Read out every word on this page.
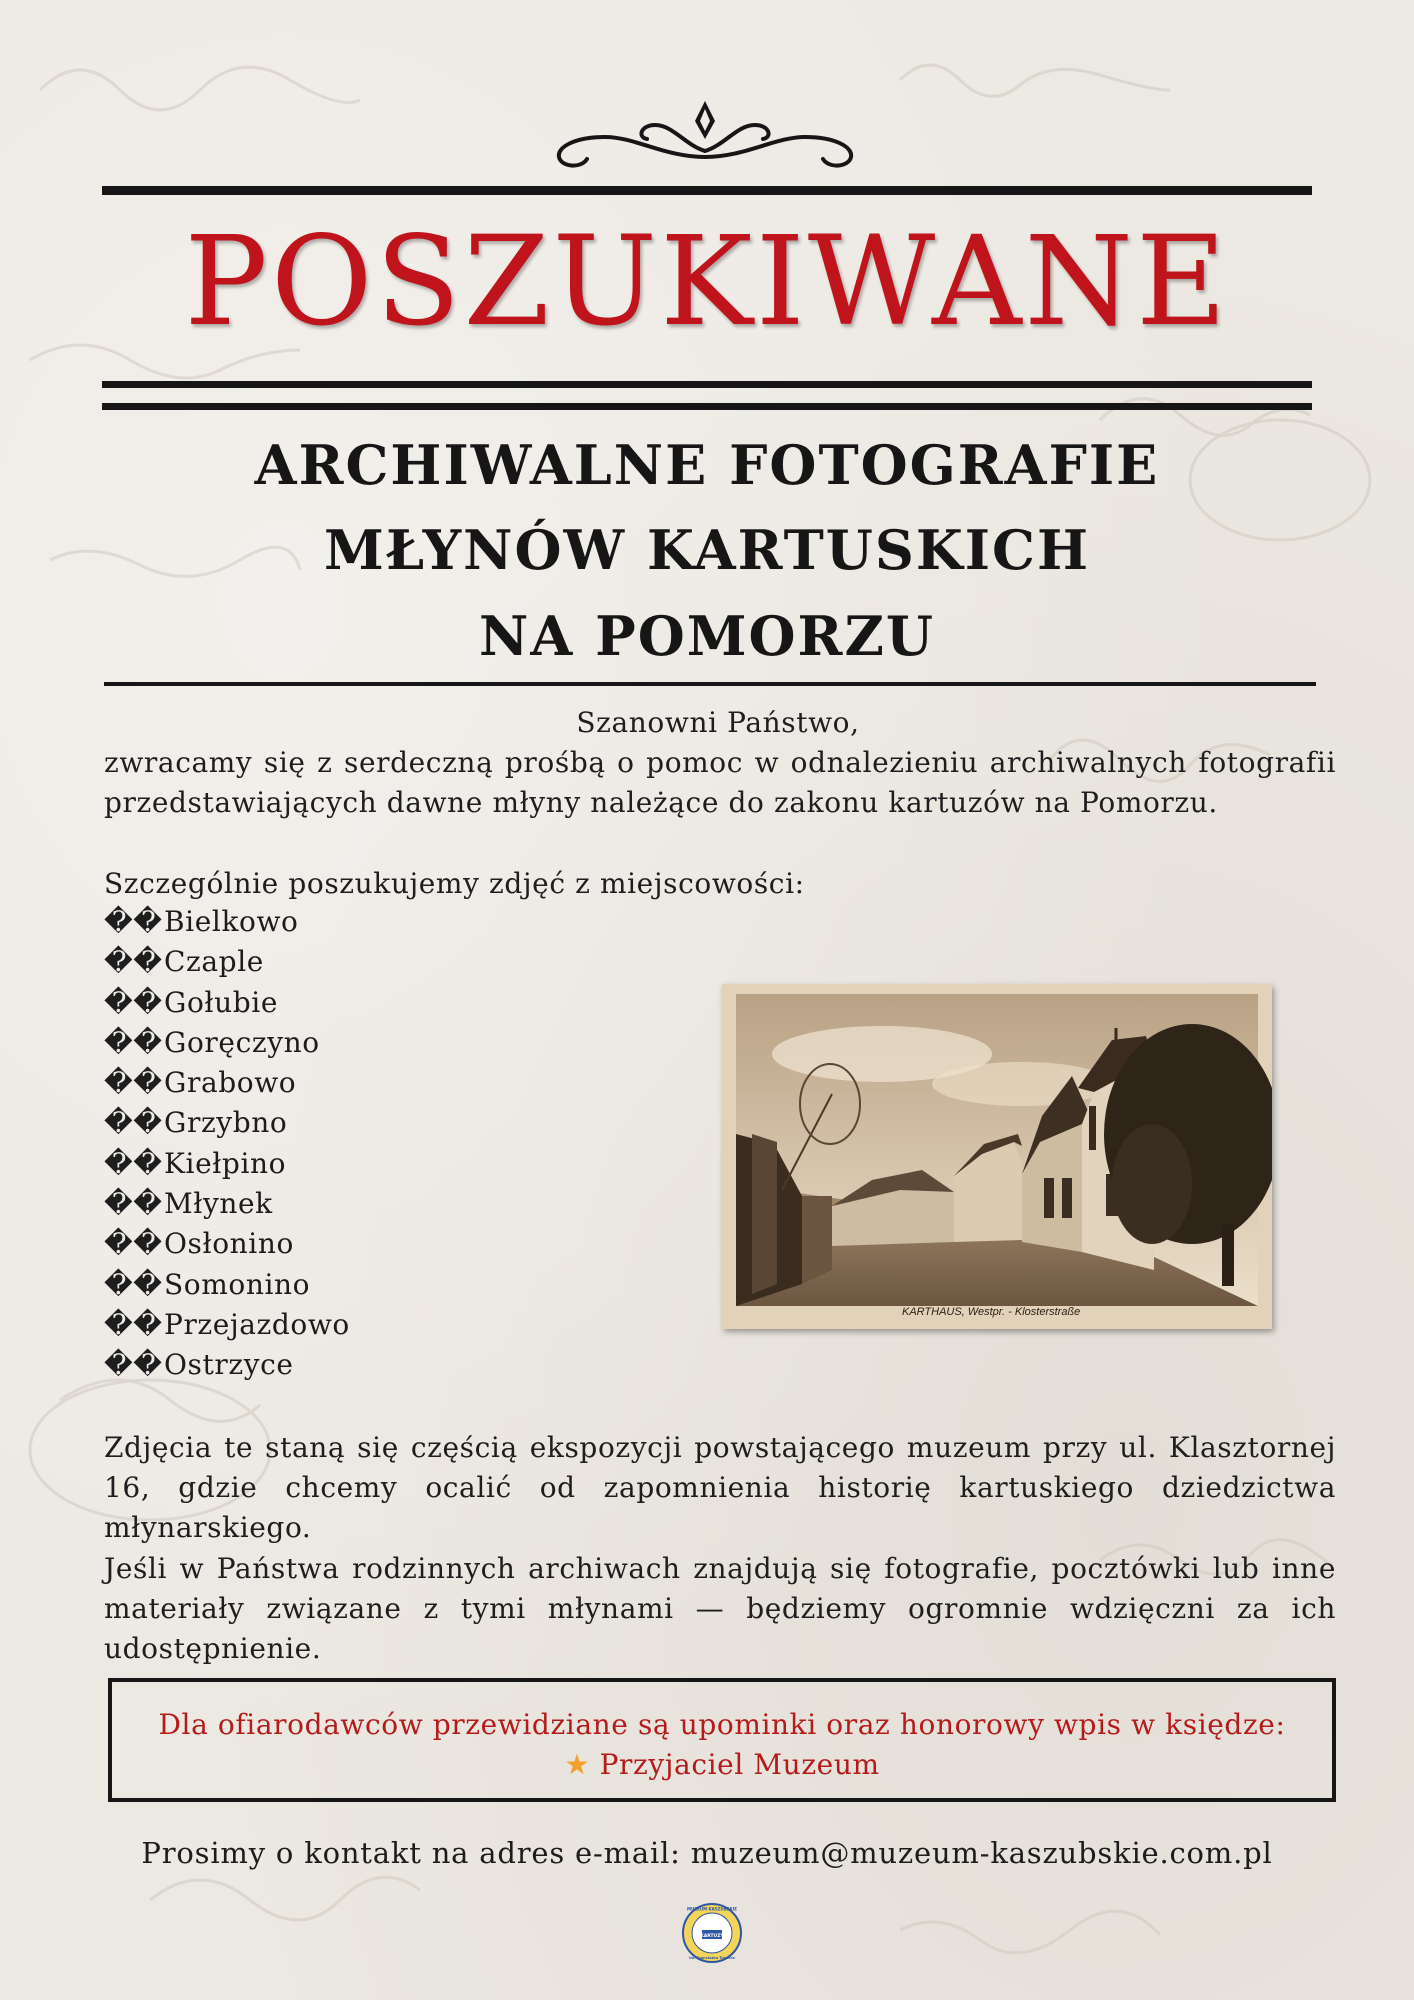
POSZUKIWANE
ARCHIWALNE FOTOGRAFIE
MŁYNÓW KARTUSKICH
NA POMORZU
Szanowni Państwo,
zwracamy się z serdeczną prośbą o pomoc w odnalezieniu archiwalnych fotografii przedstawiających dawne młyny należące do zakonu kartuzów na Pomorzu.
Szczególnie poszukujemy zdjęć z miejscowości:
��Bielkowo
��Czaple
��Gołubie
��Goręczyno
��Grabowo
��Grzybno
��Kiełpino
��Młynek
��Osłonino
��Somonino
��Przejazdowo
��Ostrzyce
KARTHAUS, Westpr. - Klosterstraße
Zdjęcia te staną się częścią ekspozycji powstającego muzeum przy ul. Klasztornej 16, gdzie chcemy ocalić od zapomnienia historię kartuskiego dziedzictwa młynarskiego.
Jeśli w Państwa rodzinnych archiwach znajdują się fotografie, pocztówki lub inne materiały związane z tymi młynami — będziemy ogromnie wdzięczni za ich udostępnienie.
Dla ofiarodawców przewidziane są upominki oraz honorowy wpis w księdze:
★ Przyjaciel Muzeum
Prosimy o kontakt na adres e-mail: muzeum@muzeum-kaszubskie.com.pl
MUZEUM KASZUBSKIE
KARTUZY
im. Franciszka Tredera
